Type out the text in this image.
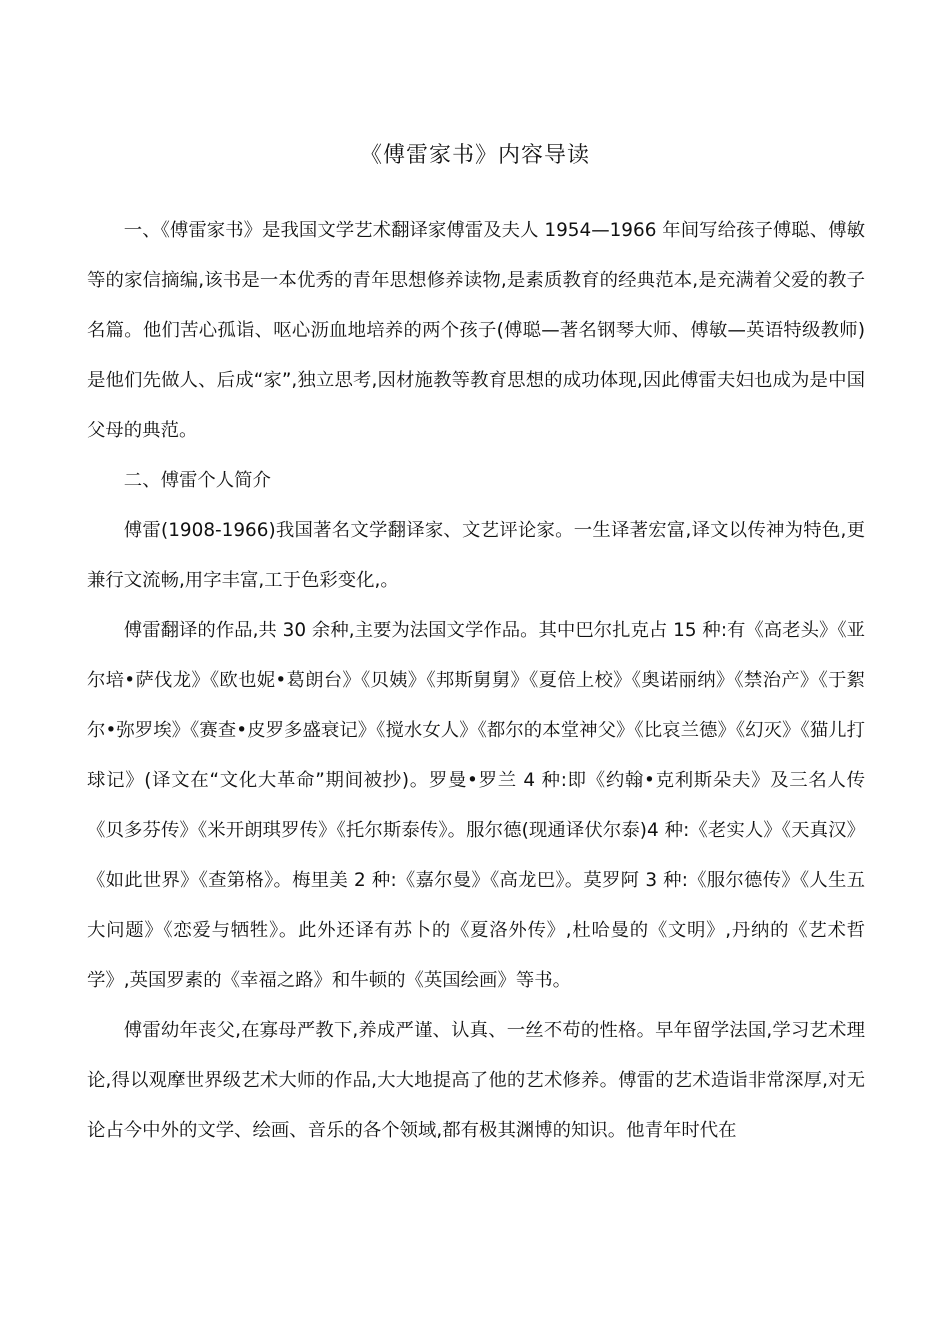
《傅雷家书》内容导读

一、《傅雷家书》是我国文学艺术翻译家傅雷及夫人 1954—1966 年间写给孩子傅聪、傅敏等的家信摘编,该书是一本优秀的青年思想修养读物,是素质教育的经典范本,是充满着父爱的教子名篇。他们苦心孤诣、呕心沥血地培养的两个孩子(傅聪—著名钢琴大师、傅敏—英语特级教师)是他们先做人、后成“家”,独立思考,因材施教等教育思想的成功体现,因此傅雷夫妇也成为是中国父母的典范。

二、傅雷个人简介

傅雷(1908-1966)我国著名文学翻译家、文艺评论家。一生译著宏富,译文以传神为特色,更兼行文流畅,用字丰富,工于色彩变化,。

傅雷翻译的作品,共 30 余种,主要为法国文学作品。其中巴尔扎克占 15 种:有《高老头》《亚尔培•萨伐龙》《欧也妮•葛朗台》《贝姨》《邦斯舅舅》《夏倍上校》《奥诺丽纳》《禁治产》《于絮尔•弥罗埃》《赛查•皮罗多盛衰记》《搅水女人》《都尔的本堂神父》《比哀兰德》《幻灭》《猫儿打球记》(译文在“文化大革命”期间被抄)。罗曼•罗兰 4 种:即《约翰•克利斯朵夫》及三名人传《贝多芬传》《米开朗琪罗传》《托尔斯泰传》。服尔德(现通译伏尔泰)4 种:《老实人》《天真汉》《如此世界》《查第格》。梅里美 2 种:《嘉尔曼》《高龙巴》。莫罗阿 3 种:《服尔德传》《人生五大问题》《恋爱与牺牲》。此外还译有苏卜的《夏洛外传》,杜哈曼的《文明》,丹纳的《艺术哲学》,英国罗素的《幸福之路》和牛顿的《英国绘画》等书。

傅雷幼年丧父,在寡母严教下,养成严谨、认真、一丝不苟的性格。早年留学法国,学习艺术理论,得以观摩世界级艺术大师的作品,大大地提高了他的艺术修养。傅雷的艺术造诣非常深厚,对无论占今中外的文学、绘画、音乐的各个领域,都有极其渊博的知识。他青年时代在
